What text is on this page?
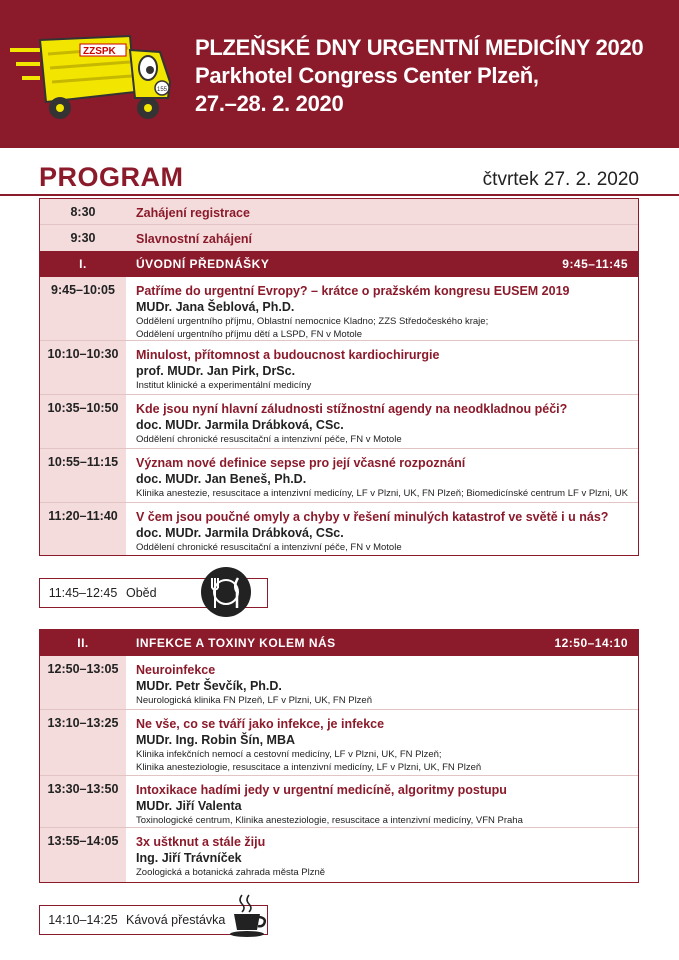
155
ZZSPK	PLZEŇSKÉ DNY URGENTNÍ MEDICÍNY 2020
Parkhotel Congress Center Plzeň,
27.–28. 2. 2020
PROGRAM	čtvrtek 27. 2. 2020
8:30	Zahájení registrace
9:30	Slavnostní zahájení
I.	ÚVODNÍ PŘEDNÁŠKY	9:45–11:45
9:45–10:05	Patříme do urgentní Evropy? – krátce o pražském kongresu EUSEM 2019
MUDr. Jana Šeblová, Ph.D.
Oddělení urgentního příjmu, Oblastní nemocnice Kladno; ZZS Středočeského kraje;
Oddělení urgentního příjmu dětí a LSPD, FN v Motole
10:10–10:30	Minulost, přítomnost a budoucnost kardiochirurgie
prof. MUDr. Jan Pirk, DrSc.
Institut klinické a experimentální medicíny
10:35–10:50	Kde jsou nyní hlavní záludnosti stížnostní agendy na neodkladnou péči?
doc. MUDr. Jarmila Drábková, CSc.
Oddělení chronické resuscitační a intenzivní péče, FN v Motole
10:55–11:15	Význam nové definice sepse pro její včasné rozpoznání
doc. MUDr. Jan Beneš, Ph.D.
Klinika anestezie, resuscitace a intenzivní medicíny, LF v Plzni, UK, FN Plzeň; Biomedicínské centrum LF v Plzni, UK
11:20–11:40	V čem jsou poučné omyly a chyby v řešení minulých katastrof ve světě i u nás?
doc. MUDr. Jarmila Drábková, CSc.
Oddělení chronické resuscitační a intenzivní péče, FN v Motole
11:45–12:45 Oběd
II.	INFEKCE A TOXINY KOLEM NÁS	12:50–14:10
12:50–13:05	Neuroinfekce
MUDr. Petr Ševčík, Ph.D.
Neurologická klinika FN Plzeň, LF v Plzni, UK, FN Plzeň
13:10–13:25	Ne vše, co se tváří jako infekce, je infekce
MUDr. Ing. Robin Šín, MBA
Klinika infekčních nemocí a cestovní medicíny, LF v Plzni, UK, FN Plzeň;
Klinika anesteziologie, resuscitace a intenzivní medicíny, LF v Plzni, UK, FN Plzeň
13:30–13:50	Intoxikace hadími jedy v urgentní medicíně, algoritmy postupu
MUDr. Jiří Valenta
Toxinologické centrum, Klinika anesteziologie, resuscitace a intenzivní medicíny, VFN Praha
13:55–14:05	3x uštknut a stále žiju
Ing. Jiří Trávníček
Zoologická a botanická zahrada města Plzně
14:10–14:25 Kávová přestávka
